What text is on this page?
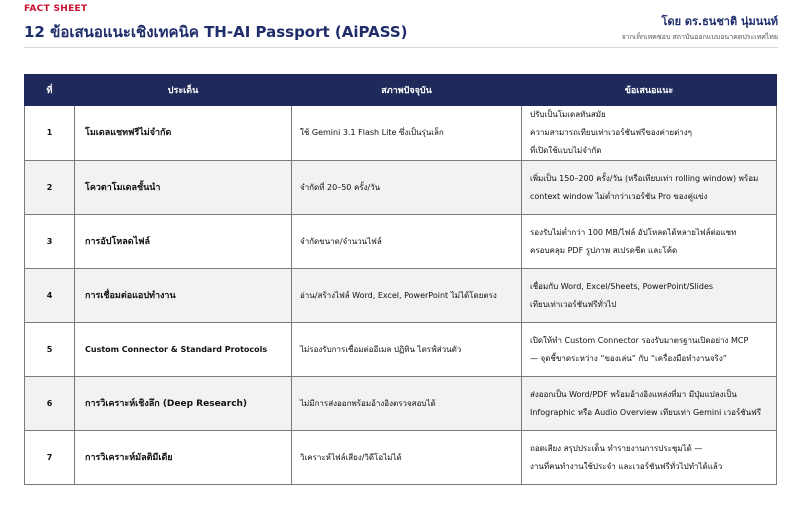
FACT SHEET
12 ข้อเสนอแนะเชิงเทคนิค TH-AI Passport (AiPASS)
โดย ดร.ธนชาติ นุ่มนนท์
จากเท็กเทคซอบ สถาบันออกแบบอนาคตประเทศไทย
ที่	ประเด็น	สภาพปัจจุบัน	ข้อเสนอแนะ
1	โมเดลแชทฟรีไม่จำกัด	ใช้ Gemini 3.1 Flash Lite ซึ่งเป็นรุ่นเล็ก	ปรับเป็นโมเดลทันสมัย
ความสามารถเทียบเท่าเวอร์ชันฟรีของค่ายต่างๆ
ที่เปิดใช้แบบไม่จำกัด

2	โควตาโมเดลชั้นนำ	จำกัดที่ 20–50 ครั้ง/วัน	เพิ่มเป็น 150–200 ครั้ง/วัน (หรือเทียบเท่า rolling window) พร้อม
context window ไม่ต่ำกว่าเวอร์ชัน Pro ของคู่แข่ง

3	การอัปโหลดไฟล์	จำกัดขนาด/จำนวนไฟล์	รองรับไม่ต่ำกว่า 100 MB/ไฟล์ อัปโหลดได้หลายไฟล์ต่อแชท
ครอบคลุม PDF รูปภาพ สเปรดชีต และโค้ด

4	การเชื่อมต่อแอปทำงาน	อ่าน/สร้างไฟล์ Word, Excel, PowerPoint ไม่ได้โดยตรง	เชื่อมกับ Word, Excel/Sheets, PowerPoint/Slides
เทียบเท่าเวอร์ชันฟรีทั่วไป

5	Custom Connector & Standard Protocols	ไม่รองรับการเชื่อมต่ออีเมล ปฏิทิน ไดรฟ์ส่วนตัว	เปิดให้ทำ Custom Connector รองรับมาตรฐานเปิดอย่าง MCP
— จุดชี้ขาดระหว่าง “ของเล่น” กับ “เครื่องมือทำงานจริง”

6	การวิเคราะห์เชิงลึก (Deep Research)	ไม่มีการส่งออกพร้อมอ้างอิงตรวจสอบได้	ส่งออกเป็น Word/PDF พร้อมอ้างอิงแหล่งที่มา มีปุ่มแปลงเป็น
Infographic หรือ Audio Overview เทียบเท่า Gemini เวอร์ชันฟรี

7	การวิเคราะห์มัลติมีเดีย	วิเคราะห์ไฟล์เสียง/วิดีโอไม่ได้	ถอดเสียง สรุปประเด็น ทำรายงานการประชุมได้ —
งานที่คนทำงานใช้ประจำ และเวอร์ชันฟรีทั่วไปทำได้แล้ว
